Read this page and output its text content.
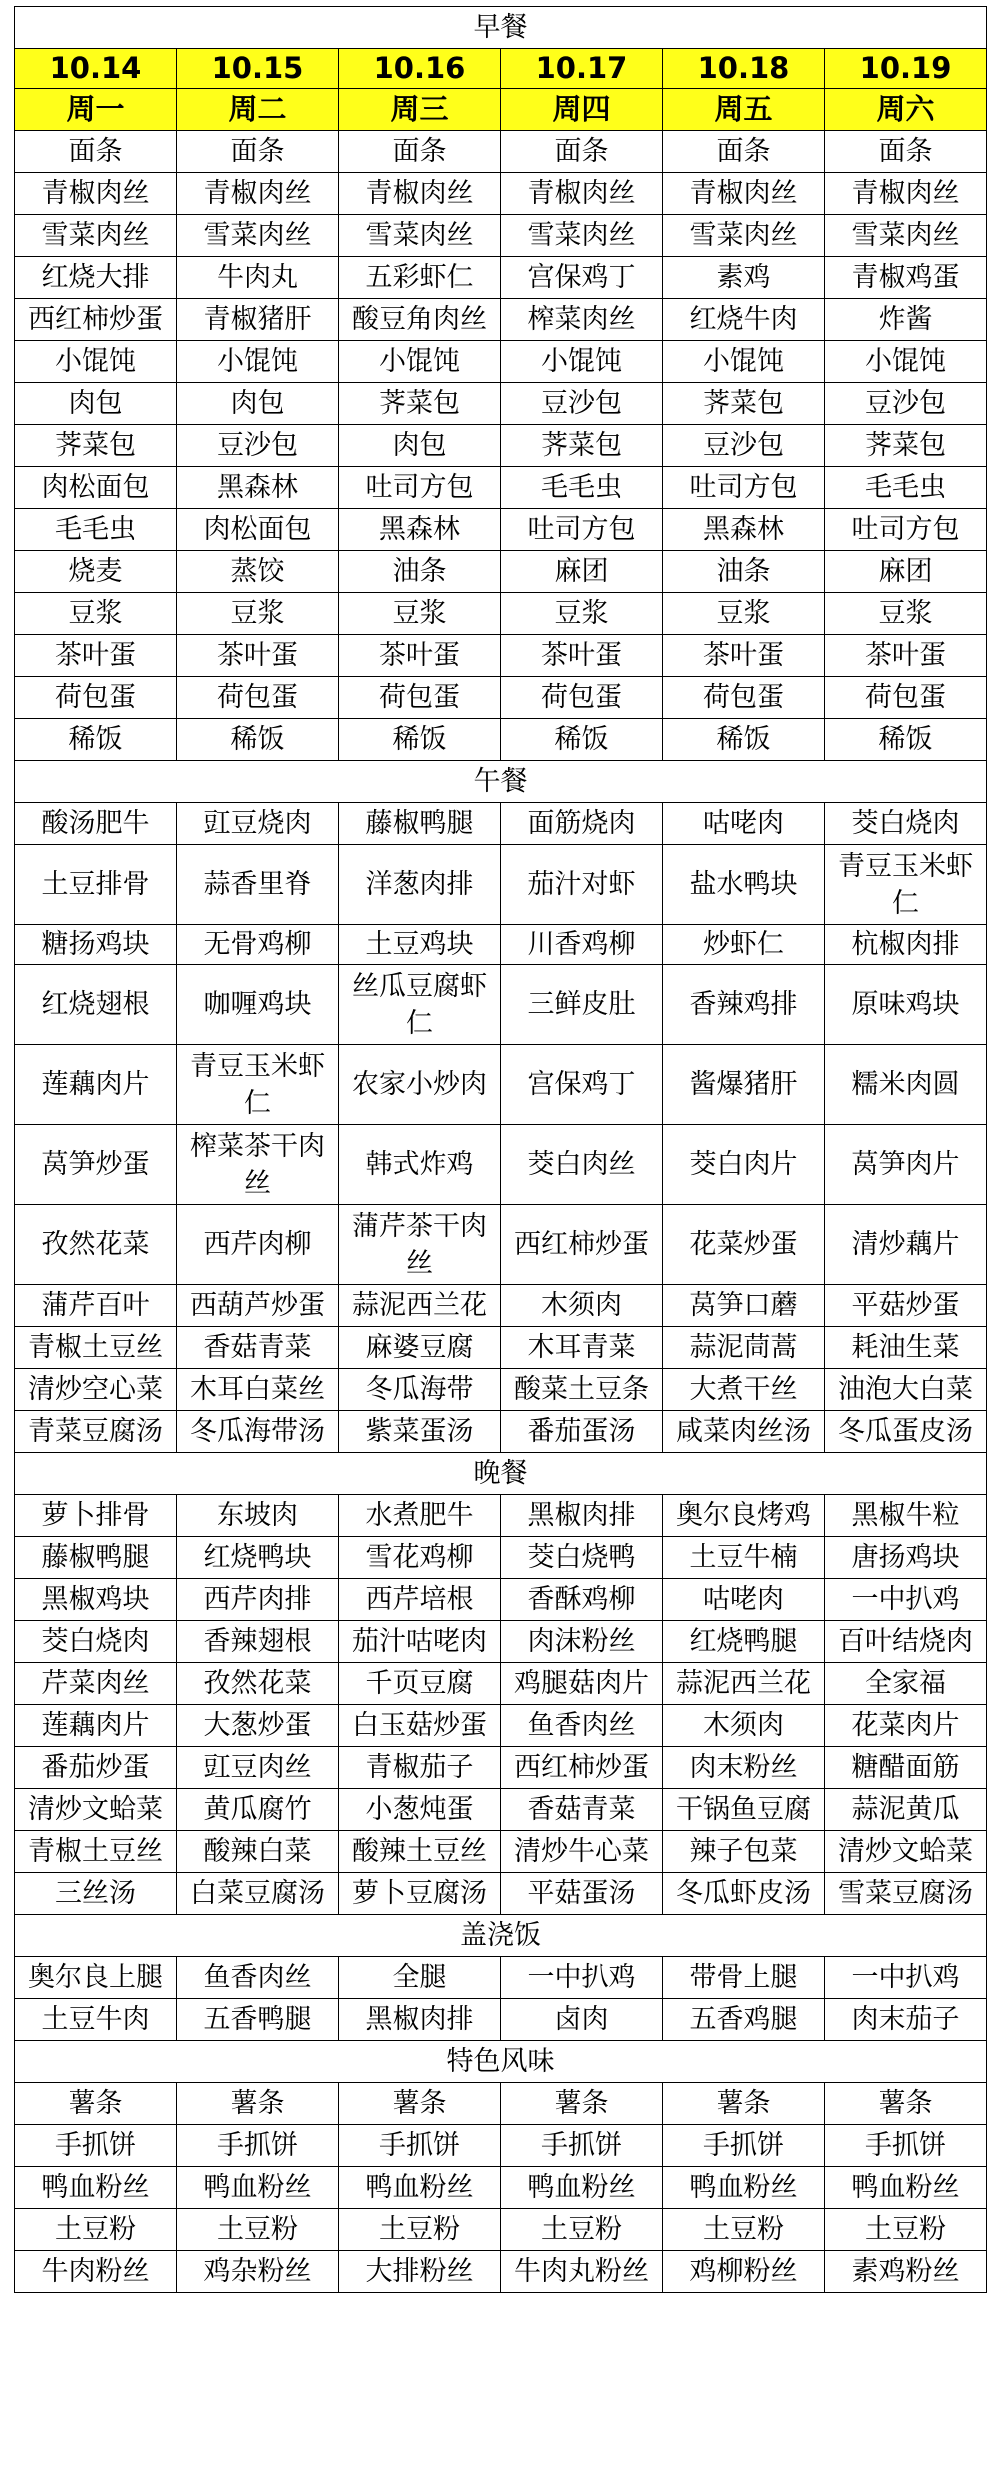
早餐					
10.14	10.15	10.16	10.17	10.18	10.19
周一	周二	周三	周四	周五	周六
面条	面条	面条	面条	面条	面条
青椒肉丝	青椒肉丝	青椒肉丝	青椒肉丝	青椒肉丝	青椒肉丝
雪菜肉丝	雪菜肉丝	雪菜肉丝	雪菜肉丝	雪菜肉丝	雪菜肉丝
红烧大排	牛肉丸	五彩虾仁	宫保鸡丁	素鸡	青椒鸡蛋
西红柿炒蛋	青椒猪肝	酸豆角肉丝	榨菜肉丝	红烧牛肉	炸酱
小馄饨	小馄饨	小馄饨	小馄饨	小馄饨	小馄饨
肉包	肉包	荠菜包	豆沙包	荠菜包	豆沙包
荠菜包	豆沙包	肉包	荠菜包	豆沙包	荠菜包
肉松面包	黑森林	吐司方包	毛毛虫	吐司方包	毛毛虫
毛毛虫	肉松面包	黑森林	吐司方包	黑森林	吐司方包
烧麦	蒸饺	油条	麻团	油条	麻团
豆浆	豆浆	豆浆	豆浆	豆浆	豆浆
茶叶蛋	茶叶蛋	茶叶蛋	茶叶蛋	茶叶蛋	茶叶蛋
荷包蛋	荷包蛋	荷包蛋	荷包蛋	荷包蛋	荷包蛋
稀饭	稀饭	稀饭	稀饭	稀饭	稀饭
午餐					
酸汤肥牛	豇豆烧肉	藤椒鸭腿	面筋烧肉	咕咾肉	茭白烧肉
土豆排骨	蒜香里脊	洋葱肉排	茄汁对虾	盐水鸭块	青豆玉米虾仁
糖扬鸡块	无骨鸡柳	土豆鸡块	川香鸡柳	炒虾仁	杭椒肉排
红烧翅根	咖喱鸡块	丝瓜豆腐虾仁	三鲜皮肚	香辣鸡排	原味鸡块
莲藕肉片	青豆玉米虾仁	农家小炒肉	宫保鸡丁	酱爆猪肝	糯米肉圆
莴笋炒蛋	榨菜茶干肉丝	韩式炸鸡	茭白肉丝	茭白肉片	莴笋肉片
孜然花菜	西芹肉柳	蒲芹茶干肉丝	西红柿炒蛋	花菜炒蛋	清炒藕片
蒲芹百叶	西葫芦炒蛋	蒜泥西兰花	木须肉	莴笋口蘑	平菇炒蛋
青椒土豆丝	香菇青菜	麻婆豆腐	木耳青菜	蒜泥茼蒿	耗油生菜
清炒空心菜	木耳白菜丝	冬瓜海带	酸菜土豆条	大煮干丝	油泡大白菜
青菜豆腐汤	冬瓜海带汤	紫菜蛋汤	番茄蛋汤	咸菜肉丝汤	冬瓜蛋皮汤
晚餐					
萝卜排骨	东坡肉	水煮肥牛	黑椒肉排	奥尔良烤鸡	黑椒牛粒
藤椒鸭腿	红烧鸭块	雪花鸡柳	茭白烧鸭	土豆牛楠	唐扬鸡块
黑椒鸡块	西芹肉排	西芹培根	香酥鸡柳	咕咾肉	一中扒鸡
茭白烧肉	香辣翅根	茄汁咕咾肉	肉沫粉丝	红烧鸭腿	百叶结烧肉
芹菜肉丝	孜然花菜	千页豆腐	鸡腿菇肉片	蒜泥西兰花	全家福
莲藕肉片	大葱炒蛋	白玉菇炒蛋	鱼香肉丝	木须肉	花菜肉片
番茄炒蛋	豇豆肉丝	青椒茄子	西红柿炒蛋	肉末粉丝	糖醋面筋
清炒文蛤菜	黄瓜腐竹	小葱炖蛋	香菇青菜	干锅鱼豆腐	蒜泥黄瓜
青椒土豆丝	酸辣白菜	酸辣土豆丝	清炒牛心菜	辣子包菜	清炒文蛤菜
三丝汤	白菜豆腐汤	萝卜豆腐汤	平菇蛋汤	冬瓜虾皮汤	雪菜豆腐汤
盖浇饭					
奥尔良上腿	鱼香肉丝	全腿	一中扒鸡	带骨上腿	一中扒鸡
土豆牛肉	五香鸭腿	黑椒肉排	卤肉	五香鸡腿	肉末茄子
特色风味					
薯条	薯条	薯条	薯条	薯条	薯条
手抓饼	手抓饼	手抓饼	手抓饼	手抓饼	手抓饼
鸭血粉丝	鸭血粉丝	鸭血粉丝	鸭血粉丝	鸭血粉丝	鸭血粉丝
土豆粉	土豆粉	土豆粉	土豆粉	土豆粉	土豆粉
牛肉粉丝	鸡杂粉丝	大排粉丝	牛肉丸粉丝	鸡柳粉丝	素鸡粉丝
